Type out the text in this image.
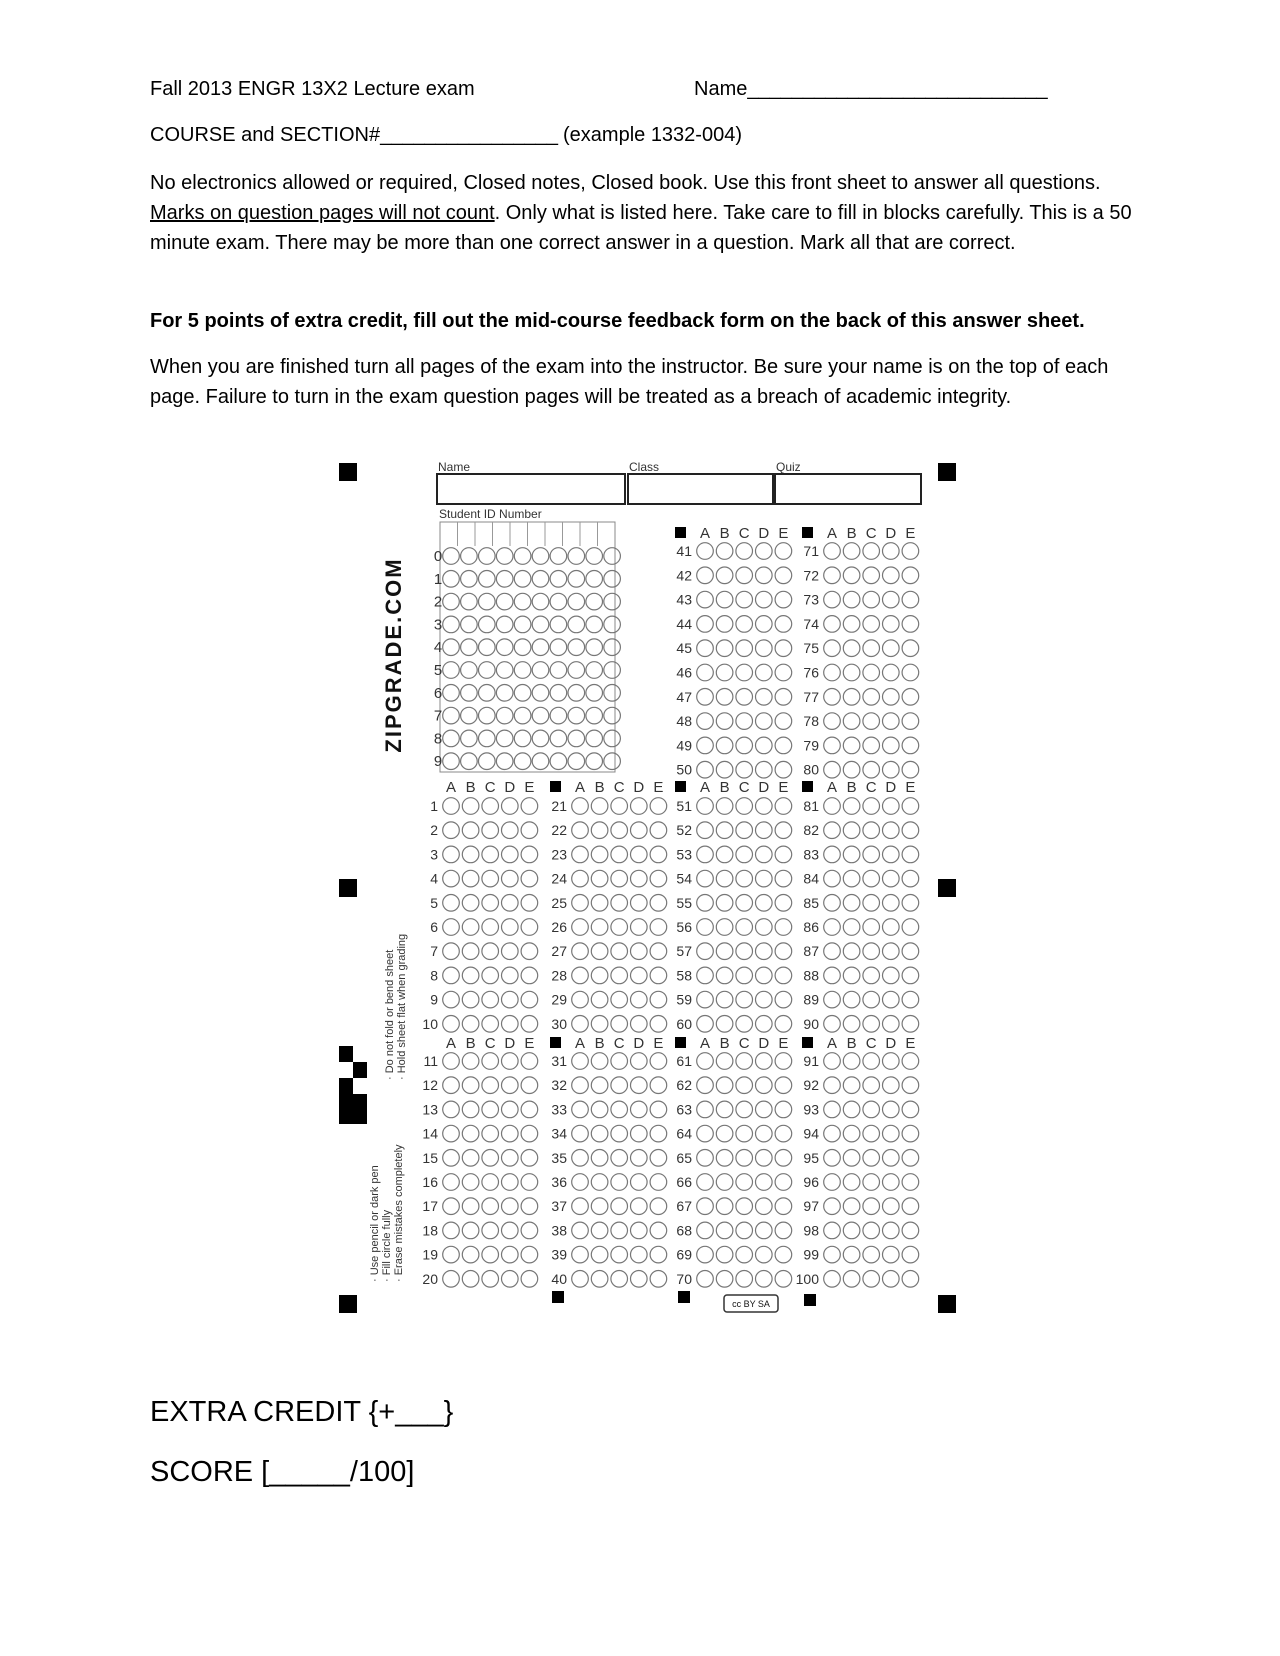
Fall 2013 ENGR 13X2 Lecture exam	Name___________________________
COURSE and SECTION#________________ (example 1332-004)
No electronics allowed or required, Closed notes, Closed book. Use this front sheet to answer all questions. Marks on question pages will not count. Only what is listed here. Take care to fill in blocks carefully. This is a 50 minute exam. There may be more than one correct answer in a question. Mark all that are correct.
For 5 points of extra credit, fill out the mid-course feedback form on the back of this answer sheet.
When you are finished turn all pages of the exam into the instructor. Be sure your name is on the top of each page. Failure to turn in the exam question pages will be treated as a breach of academic integrity.
Name	Class	Quiz
Student ID Number
0
1
2
3
4
5
6
7
8
9
ZIPGRADE.COM
· Do not fold or bend sheet · Hold sheet flat when grading
· Use pencil or dark pen · Fill circle fully · Erase mistakes completely
A B C D E	A B C D E
41	71
42	72
43	73
44	74
45	75
46	76
47	77
48	78
49	79
50	80
A B C D E	A B C D E A B C D E	A B C D E
1	21	51	81
2	22	52	82
3	23	53	83
4	24	54	84
5	25	55	85
6	26	56	86
7	27	57	87
8	28	58	88
9	29	59	89
10	30	60	90
A B C D E	A B C D E A B C D E	A B C D E
11	31	61	91
12	32	62	92
13	33	63	93
14	34	64	94
15	35	65	95
16	36	66	96
17	37	67	97
18	38	68	98
19	39	69	99
20	40	70	100
cc BY SA
EXTRA CREDIT {+___}
SCORE [_____/100]
